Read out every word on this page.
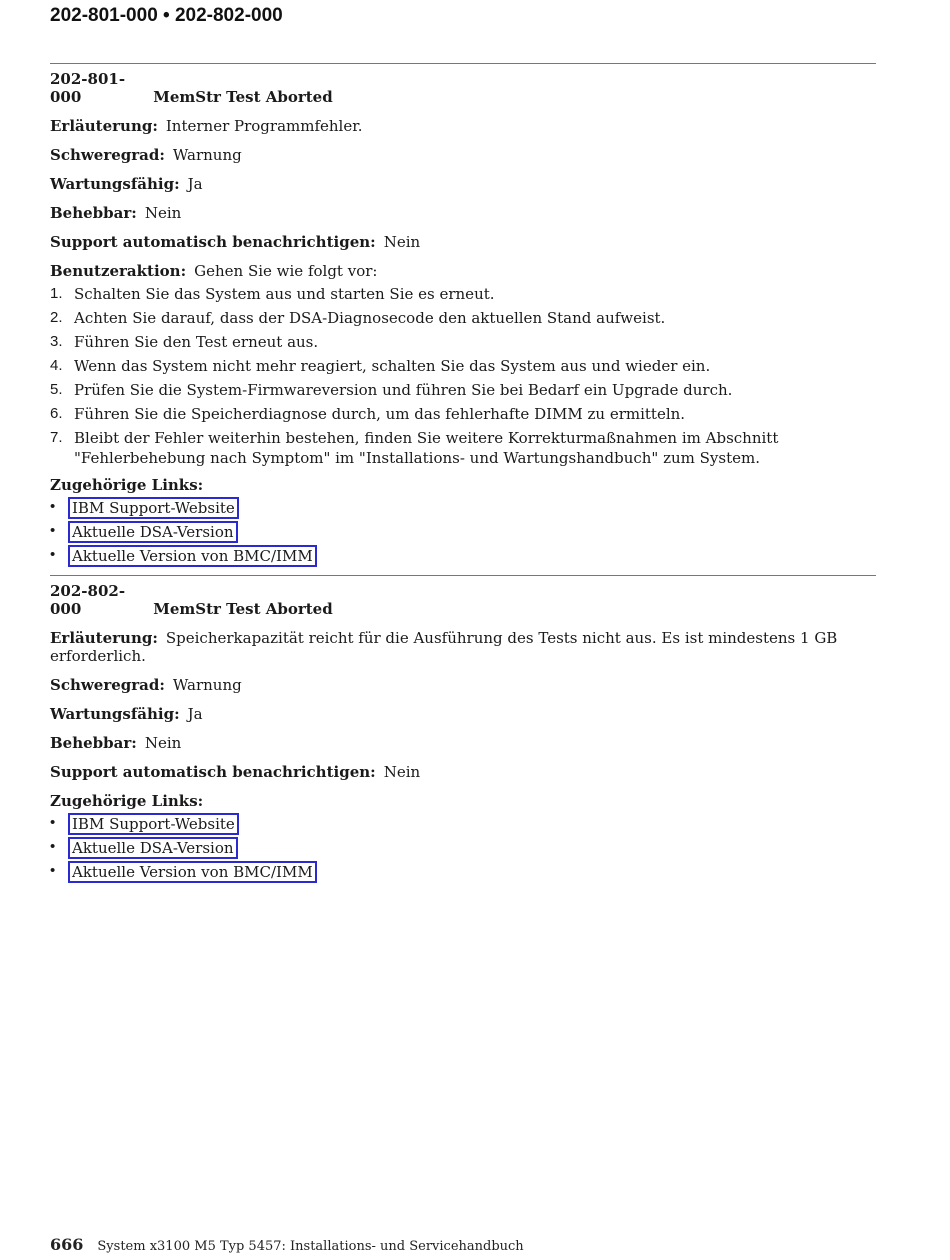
202-801-000 • 202-802-000
202-801-000	MemStr Test Aborted
Erläuterung: Interner Programmfehler.
Schweregrad: Warnung
Wartungsfähig: Ja
Behebbar: Nein
Support automatisch benachrichtigen: Nein
Benutzeraktion: Gehen Sie wie folgt vor:
1. Schalten Sie das System aus und starten Sie es erneut.
2. Achten Sie darauf, dass der DSA-Diagnosecode den aktuellen Stand aufweist.
3. Führen Sie den Test erneut aus.
4. Wenn das System nicht mehr reagiert, schalten Sie das System aus und wieder ein.
5. Prüfen Sie die System-Firmwareversion und führen Sie bei Bedarf ein Upgrade durch.
6. Führen Sie die Speicherdiagnose durch, um das fehlerhafte DIMM zu ermitteln.
7. Bleibt der Fehler weiterhin bestehen, finden Sie weitere Korrekturmaßnahmen im Abschnitt "Fehlerbehebung nach Symptom" im "Installations- und Wartungshandbuch" zum System.
Zugehörige Links:
• IBM Support-Website
• Aktuelle DSA-Version
• Aktuelle Version von BMC/IMM
202-802-000	MemStr Test Aborted
Erläuterung: Speicherkapazität reicht für die Ausführung des Tests nicht aus. Es ist mindestens 1 GB erforderlich.
Schweregrad: Warnung
Wartungsfähig: Ja
Behebbar: Nein
Support automatisch benachrichtigen: Nein
Zugehörige Links:
• IBM Support-Website
• Aktuelle DSA-Version
• Aktuelle Version von BMC/IMM
666 System x3100 M5 Typ 5457: Installations- und Servicehandbuch
